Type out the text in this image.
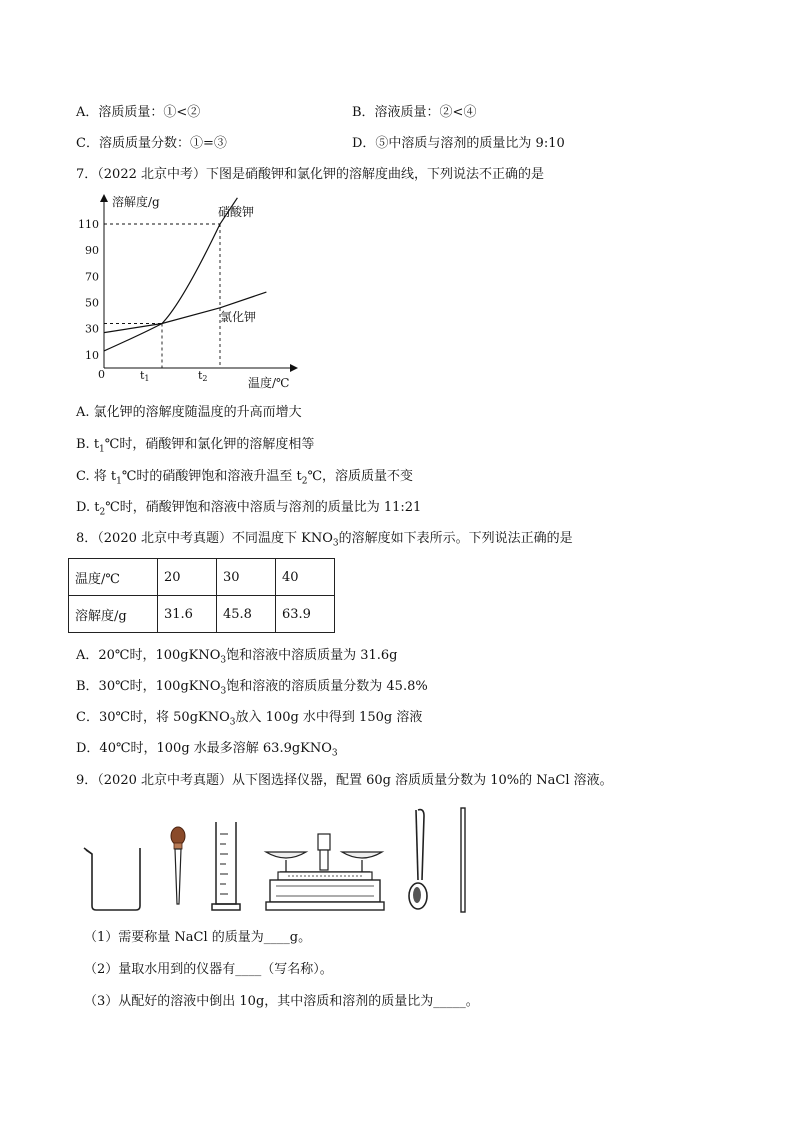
A．溶质质量：①<②	B．溶液质量：②<④
C．溶质质量分数：①=③	D．⑤中溶质与溶剂的质量比为 9:10
7．（2022 北京中考）下图是硝酸钾和氯化钾的溶解度曲线，下列说法不正确的是
溶解度/g
温度/℃
0
10
30
50
70
90
110
硝酸钾
氯化钾
t1	t2
A. 氯化钾的溶解度随温度的升高而增大
B. $t_1℃$时，硝酸钾和氯化钾的溶解度相等
C. 将 $t_1℃$时的硝酸钾饱和溶液升温至 $t_2℃$，溶质质量不变
D. $t_2℃$时，硝酸钾饱和溶液中溶质与溶剂的质量比为 11:21
8．（2020 北京中考真题）不同温度下 $KNO_3$的溶解度如下表所示。下列说法正确的是
温度/℃	20	30	40
溶解度/g	31.6	45.8	63.9
A．20℃时，100gKNO$_3$饱和溶液中溶质质量为 31.6g
B．30℃时，100gKNO$_3$饱和溶液的溶质质量分数为 45.8%
C．30℃时，将 50gKNO$_3$放入 100g 水中得到 150g 溶液
D．40℃时，100g 水最多溶解 63.9gKNO$_3$
9．（2020 北京中考真题）从下图选择仪器，配置 60g 溶质质量分数为 10%的 NaCl 溶液。
（1）需要称量 NaCl 的质量为____g。
（2）量取水用到的仪器有____（写名称）。
（3）从配好的溶液中倒出 10g，其中溶质和溶剂的质量比为_____。
